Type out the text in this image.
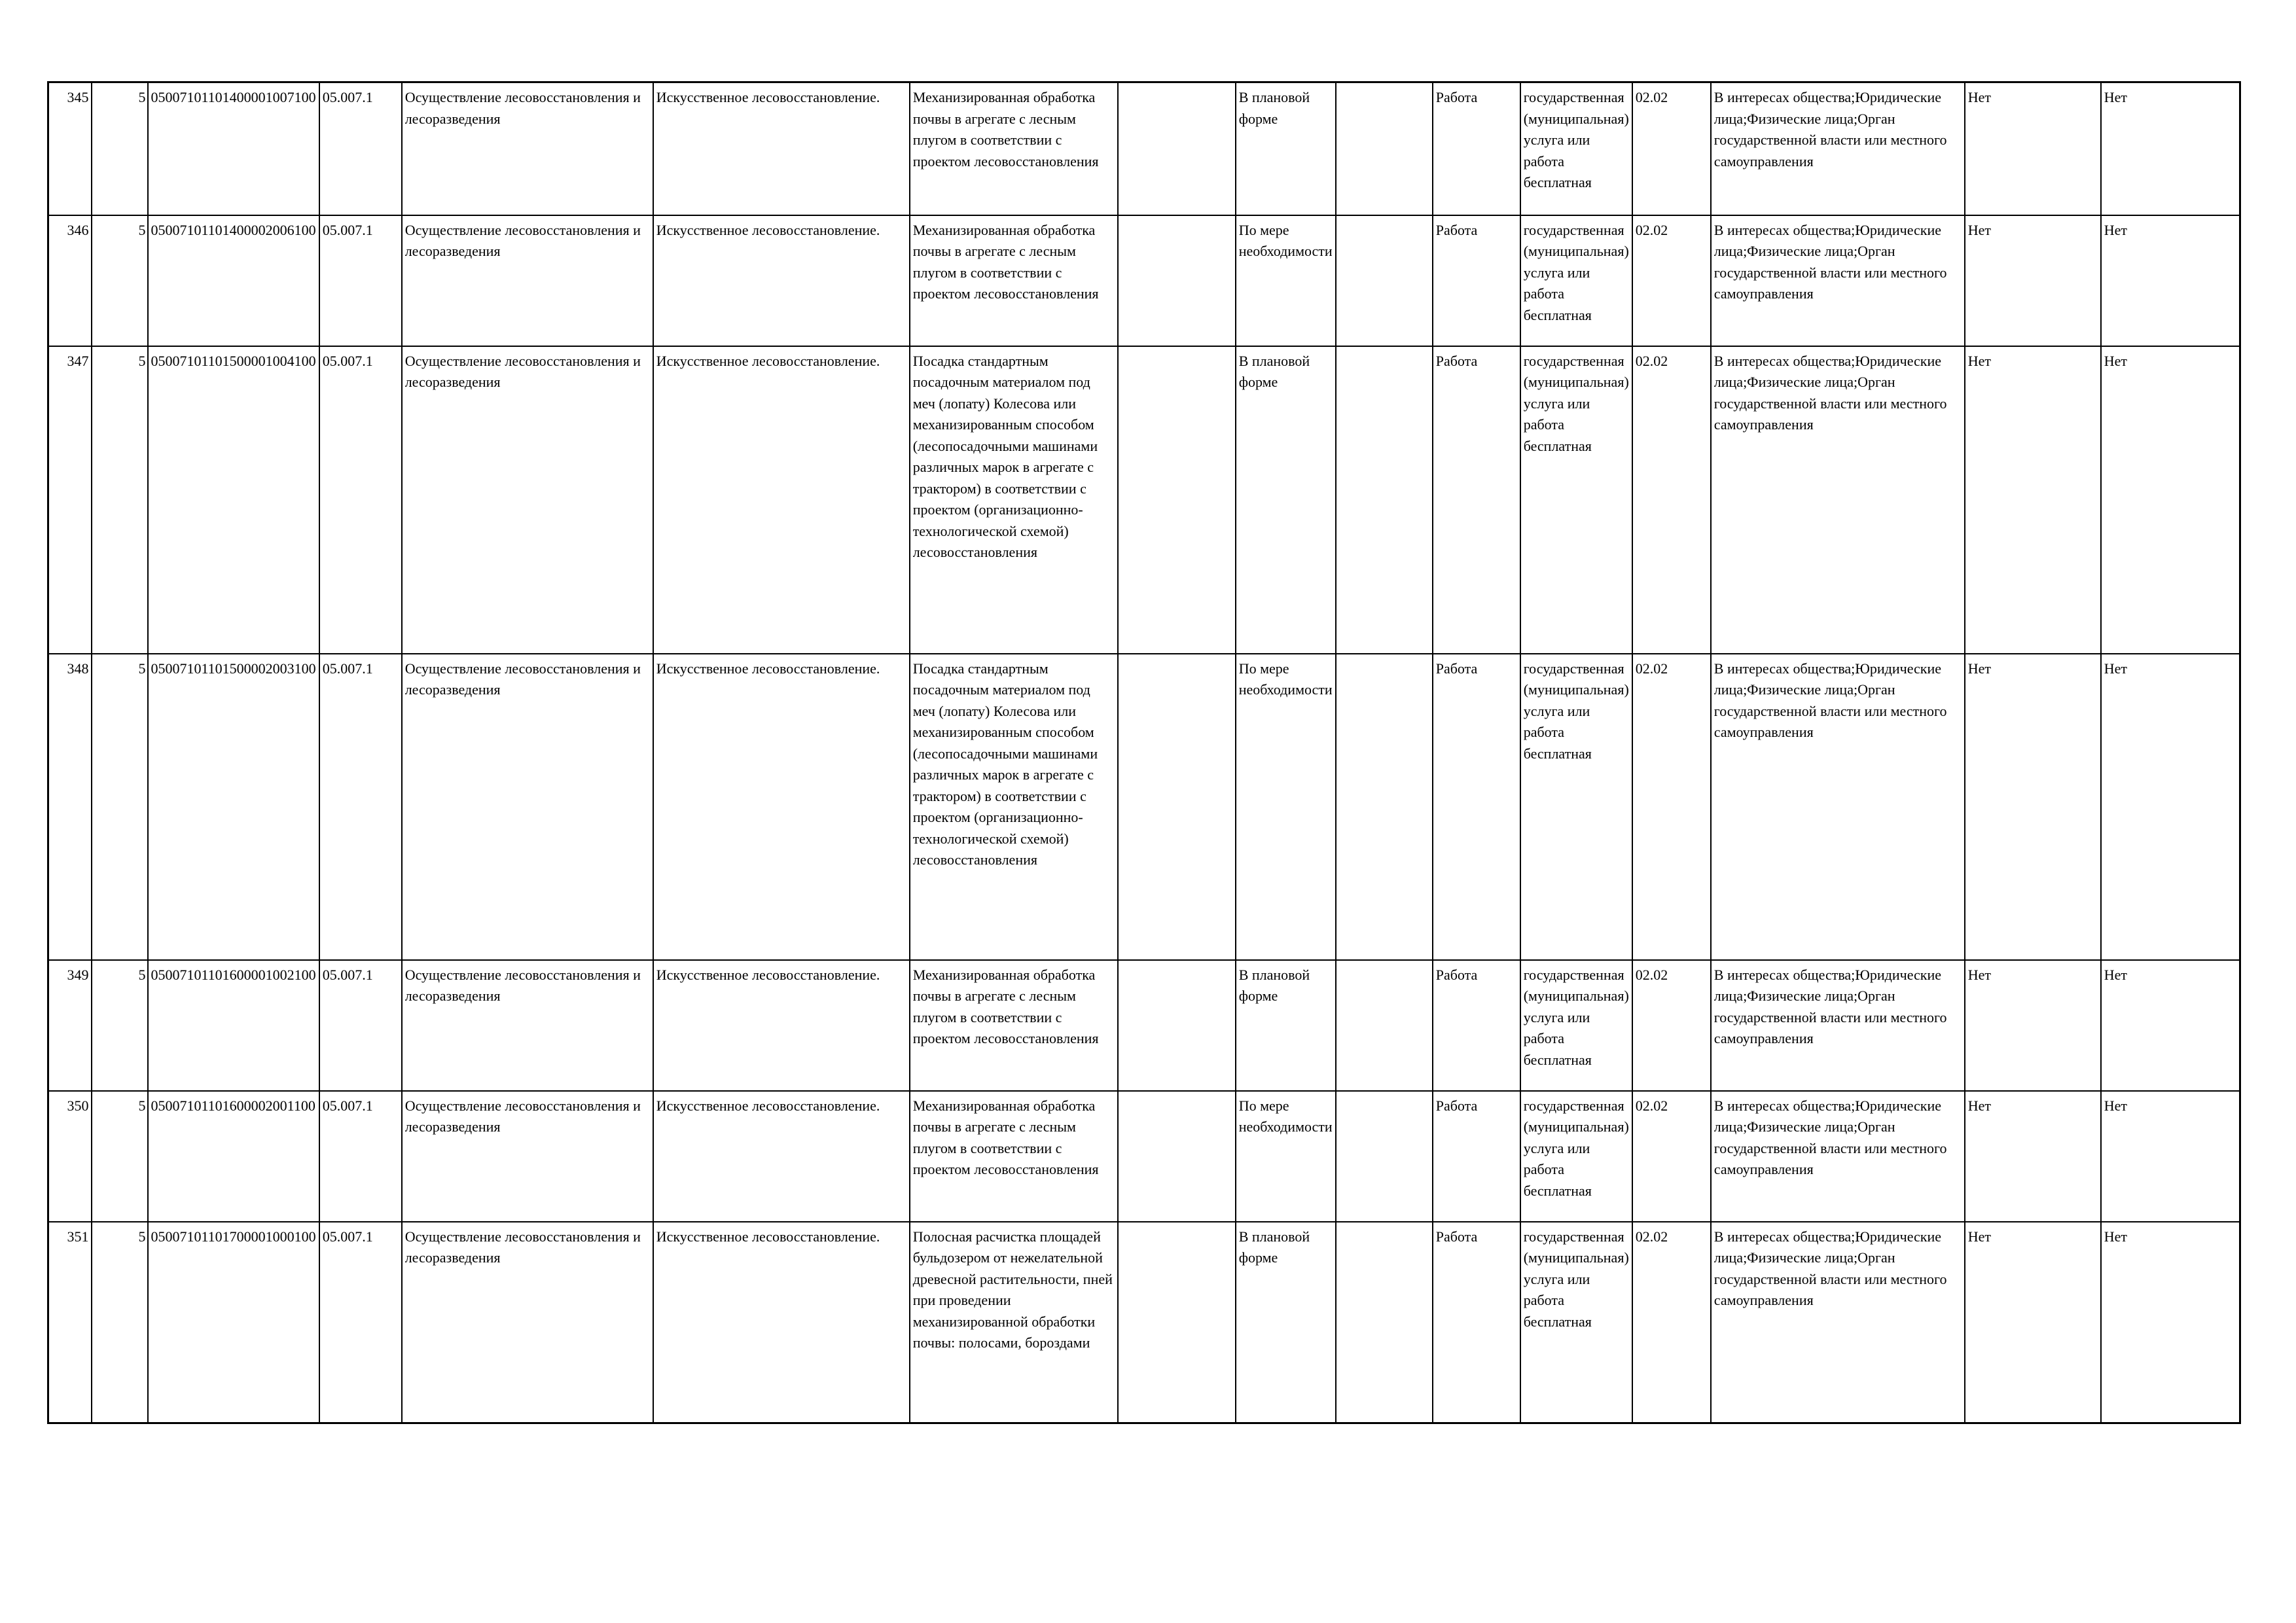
345	5	05007101101400001007100	05.007.1	Осуществление лесовосстановления и лесоразведения	Искусственное лесовосстановление.	Механизированная обработка почвы в агрегате с лесным плугом в соответствии с проектом лесовосстановления		В плановой форме		Работа	государственная (муниципальная) услуга или работа бесплатная	02.02	В интересах общества;Юридические лица;Физические лица;Орган государственной власти или местного самоуправления	Нет	Нет

346	5	05007101101400002006100	05.007.1	Осуществление лесовосстановления и лесоразведения	Искусственное лесовосстановление.	Механизированная обработка почвы в агрегате с лесным плугом в соответствии с проектом лесовосстановления		По мере необходимости		Работа	государственная (муниципальная) услуга или работа бесплатная	02.02	В интересах общества;Юридические лица;Физические лица;Орган государственной власти или местного самоуправления	Нет	Нет

347	5	05007101101500001004100	05.007.1	Осуществление лесовосстановления и лесоразведения	Искусственное лесовосстановление.	Посадка стандартным посадочным материалом под меч (лопату) Колесова или механизированным способом (лесопосадочными машинами различных марок в агрегате с трактором) в соответствии с проектом (организационно-технологической схемой) лесовосстановления		В плановой форме		Работа	государственная (муниципальная) услуга или работа бесплатная	02.02	В интересах общества;Юридические лица;Физические лица;Орган государственной власти или местного самоуправления	Нет	Нет

348	5	05007101101500002003100	05.007.1	Осуществление лесовосстановления и лесоразведения	Искусственное лесовосстановление.	Посадка стандартным посадочным материалом под меч (лопату) Колесова или механизированным способом (лесопосадочными машинами различных марок в агрегате с трактором) в соответствии с проектом (организационно-технологической схемой) лесовосстановления		По мере необходимости		Работа	государственная (муниципальная) услуга или работа бесплатная	02.02	В интересах общества;Юридические лица;Физические лица;Орган государственной власти или местного самоуправления	Нет	Нет

349	5	05007101101600001002100	05.007.1	Осуществление лесовосстановления и лесоразведения	Искусственное лесовосстановление.	Механизированная обработка почвы в агрегате с лесным плугом в соответствии с проектом лесовосстановления		В плановой форме		Работа	государственная (муниципальная) услуга или работа бесплатная	02.02	В интересах общества;Юридические лица;Физические лица;Орган государственной власти или местного самоуправления	Нет	Нет

350	5	05007101101600002001100	05.007.1	Осуществление лесовосстановления и лесоразведения	Искусственное лесовосстановление.	Механизированная обработка почвы в агрегате с лесным плугом в соответствии с проектом лесовосстановления		По мере необходимости		Работа	государственная (муниципальная) услуга или работа бесплатная	02.02	В интересах общества;Юридические лица;Физические лица;Орган государственной власти или местного самоуправления	Нет	Нет

351	5	05007101101700001000100	05.007.1	Осуществление лесовосстановления и лесоразведения	Искусственное лесовосстановление.	Полосная расчистка площадей бульдозером от нежелательной древесной растительности, пней при проведении механизированной обработки почвы: полосами, бороздами		В плановой форме		Работа	государственная (муниципальная) услуга или работа бесплатная	02.02	В интересах общества;Юридические лица;Физические лица;Орган государственной власти или местного самоуправления	Нет	Нет
